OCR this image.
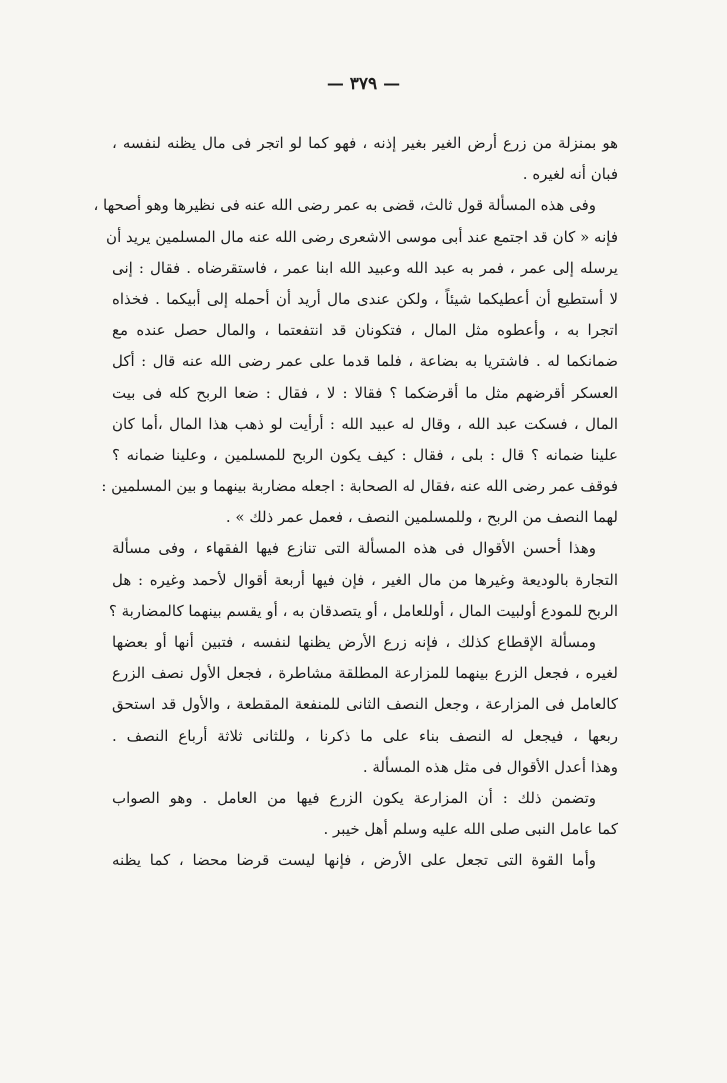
— ٣٧٩ —
هو بمنزلة من زرع أرض الغير بغير إذنه ، فهو كما لو اتجر فى مال يظنه لنفسه ،
فبان أنه لغيره .
وفى هذه المسألة قول ثالث، قضى به عمر رضى الله عنه فى نظيرها وهو أصحها ،
فإنه « كان قد اجتمع عند أبى موسى الاشعرى رضى الله عنه مال المسلمين يريد أن
يرسله إلى عمر ، فمر به عبد الله وعبيد الله ابنا عمر ، فاستقرضاه . فقال : إنى
لا أستطيع أن أعطيكما شيئاً ، ولكن عندى مال أريد أن أحمله إلى أبيكما . فخذاه
اتجرا به ، وأعطوه مثل المال ، فتكونان قد انتفعتما ، والمال حصل عنده مع
ضمانكما له . فاشتريا به بضاعة ، فلما قدما على عمر رضى الله عنه قال : أكل
العسكر أقرضهم مثل ما أقرضكما ؟ فقالا : لا ، فقال : ضعا الربح كله فى بيت
المال ، فسكت عبد الله ، وقال له عبيد الله : أرأيت لو ذهب هذا المال ،أما كان
علينا ضمانه ؟ قال : بلى ، فقال : كيف يكون الربح للمسلمين ، وعلينا ضمانه ؟
فوقف عمر رضى الله عنه ،فقال له الصحابة : اجعله مضاربة بينهما و بين المسلمين :
لهما النصف من الربح ، وللمسلمين النصف ، فعمل عمر ذلك » .
وهذا أحسن الأقوال فى هذه المسألة التى تنازع فيها الفقهاء ، وفى مسألة
التجارة بالوديعة وغيرها من مال الغير ، فإن فيها أربعة أقوال لأحمد وغيره : هل
الربح للمودع أولبيت المال ، أوللعامل ، أو يتصدقان به ، أو يقسم بينهما كالمضاربة ؟
ومسألة الإقطاع كذلك ، فإنه زرع الأرض يظنها لنفسه ، فتبين أنها أو بعضها
لغيره ، فجعل الزرع بينهما للمزارعة المطلقة مشاطرة ، فجعل الأول نصف الزرع
كالعامل فى المزارعة ، وجعل النصف الثانى للمنفعة المقطعة ، والأول قد استحق
ربعها ، فيجعل له النصف بناء على ما ذكرنا ، وللثانى ثلاثة أرباع النصف .
وهذا أعدل الأقوال فى مثل هذه المسألة .
وتضمن ذلك : أن المزارعة يكون الزرع فيها من العامل . وهو الصواب
كما عامل النبى صلى الله عليه وسلم أهل خيبر .
وأما القوة التى تجعل على الأرض ، فإنها ليست قرضا محضا ، كما يظنه
